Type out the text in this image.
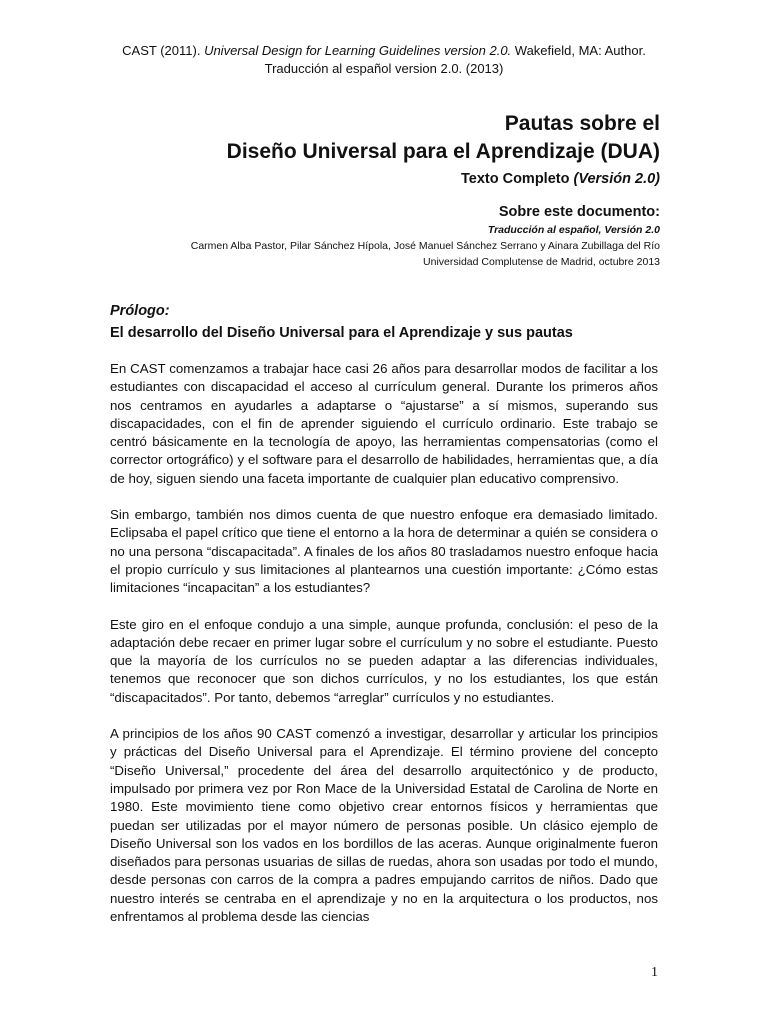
CAST (2011). Universal Design for Learning Guidelines version 2.0. Wakefield, MA: Author.
Traducción al español version 2.0. (2013)
Pautas sobre el
Diseño Universal para el Aprendizaje (DUA)
Texto Completo (Versión 2.0)
Sobre este documento:
Traducción al español, Versión 2.0
Carmen Alba Pastor, Pilar Sánchez Hípola, José Manuel Sánchez Serrano y Ainara Zubillaga del Río
Universidad Complutense de Madrid, octubre 2013
Prólogo:
El desarrollo del Diseño Universal para el Aprendizaje y sus pautas

En CAST comenzamos a trabajar hace casi 26 años para desarrollar modos de facilitar a los estudiantes con discapacidad el acceso al currículum general. Durante los primeros años nos centramos en ayudarles a adaptarse o “ajustarse” a sí mismos, superando sus discapacidades, con el fin de aprender siguiendo el currículo ordinario. Este trabajo se centró básicamente en la tecnología de apoyo, las herramientas compensatorias (como el corrector ortográfico) y el software para el desarrollo de habilidades, herramientas que, a día de hoy, siguen siendo una faceta importante de cualquier plan educativo comprensivo.

Sin embargo, también nos dimos cuenta de que nuestro enfoque era demasiado limitado. Eclipsaba el papel crítico que tiene el entorno a la hora de determinar a quién se considera o no una persona “discapacitada”. A finales de los años 80 trasladamos nuestro enfoque hacia el propio currículo y sus limitaciones al plantearnos una cuestión importante: ¿Cómo estas limitaciones “incapacitan” a los estudiantes?

Este giro en el enfoque condujo a una simple, aunque profunda, conclusión: el peso de la adaptación debe recaer en primer lugar sobre el currículum y no sobre el estudiante. Puesto que la mayoría de los currículos no se pueden adaptar a las diferencias individuales, tenemos que reconocer que son dichos currículos, y no los estudiantes, los que están “discapacitados”. Por tanto, debemos “arreglar” currículos y no estudiantes.

A principios de los años 90 CAST comenzó a investigar, desarrollar y articular los principios y prácticas del Diseño Universal para el Aprendizaje. El término proviene del concepto “Diseño Universal,” procedente del área del desarrollo arquitectónico y de producto, impulsado por primera vez por Ron Mace de la Universidad Estatal de Carolina de Norte en 1980. Este movimiento tiene como objetivo crear entornos físicos y herramientas que puedan ser utilizadas por el mayor número de personas posible. Un clásico ejemplo de Diseño Universal son los vados en los bordillos de las aceras. Aunque originalmente fueron diseñados para personas usuarias de sillas de ruedas, ahora son usadas por todo el mundo, desde personas con carros de la compra a padres empujando carritos de niños. Dado que nuestro interés se centraba en el aprendizaje y no en la arquitectura o los productos, nos enfrentamos al problema desde las ciencias

1
